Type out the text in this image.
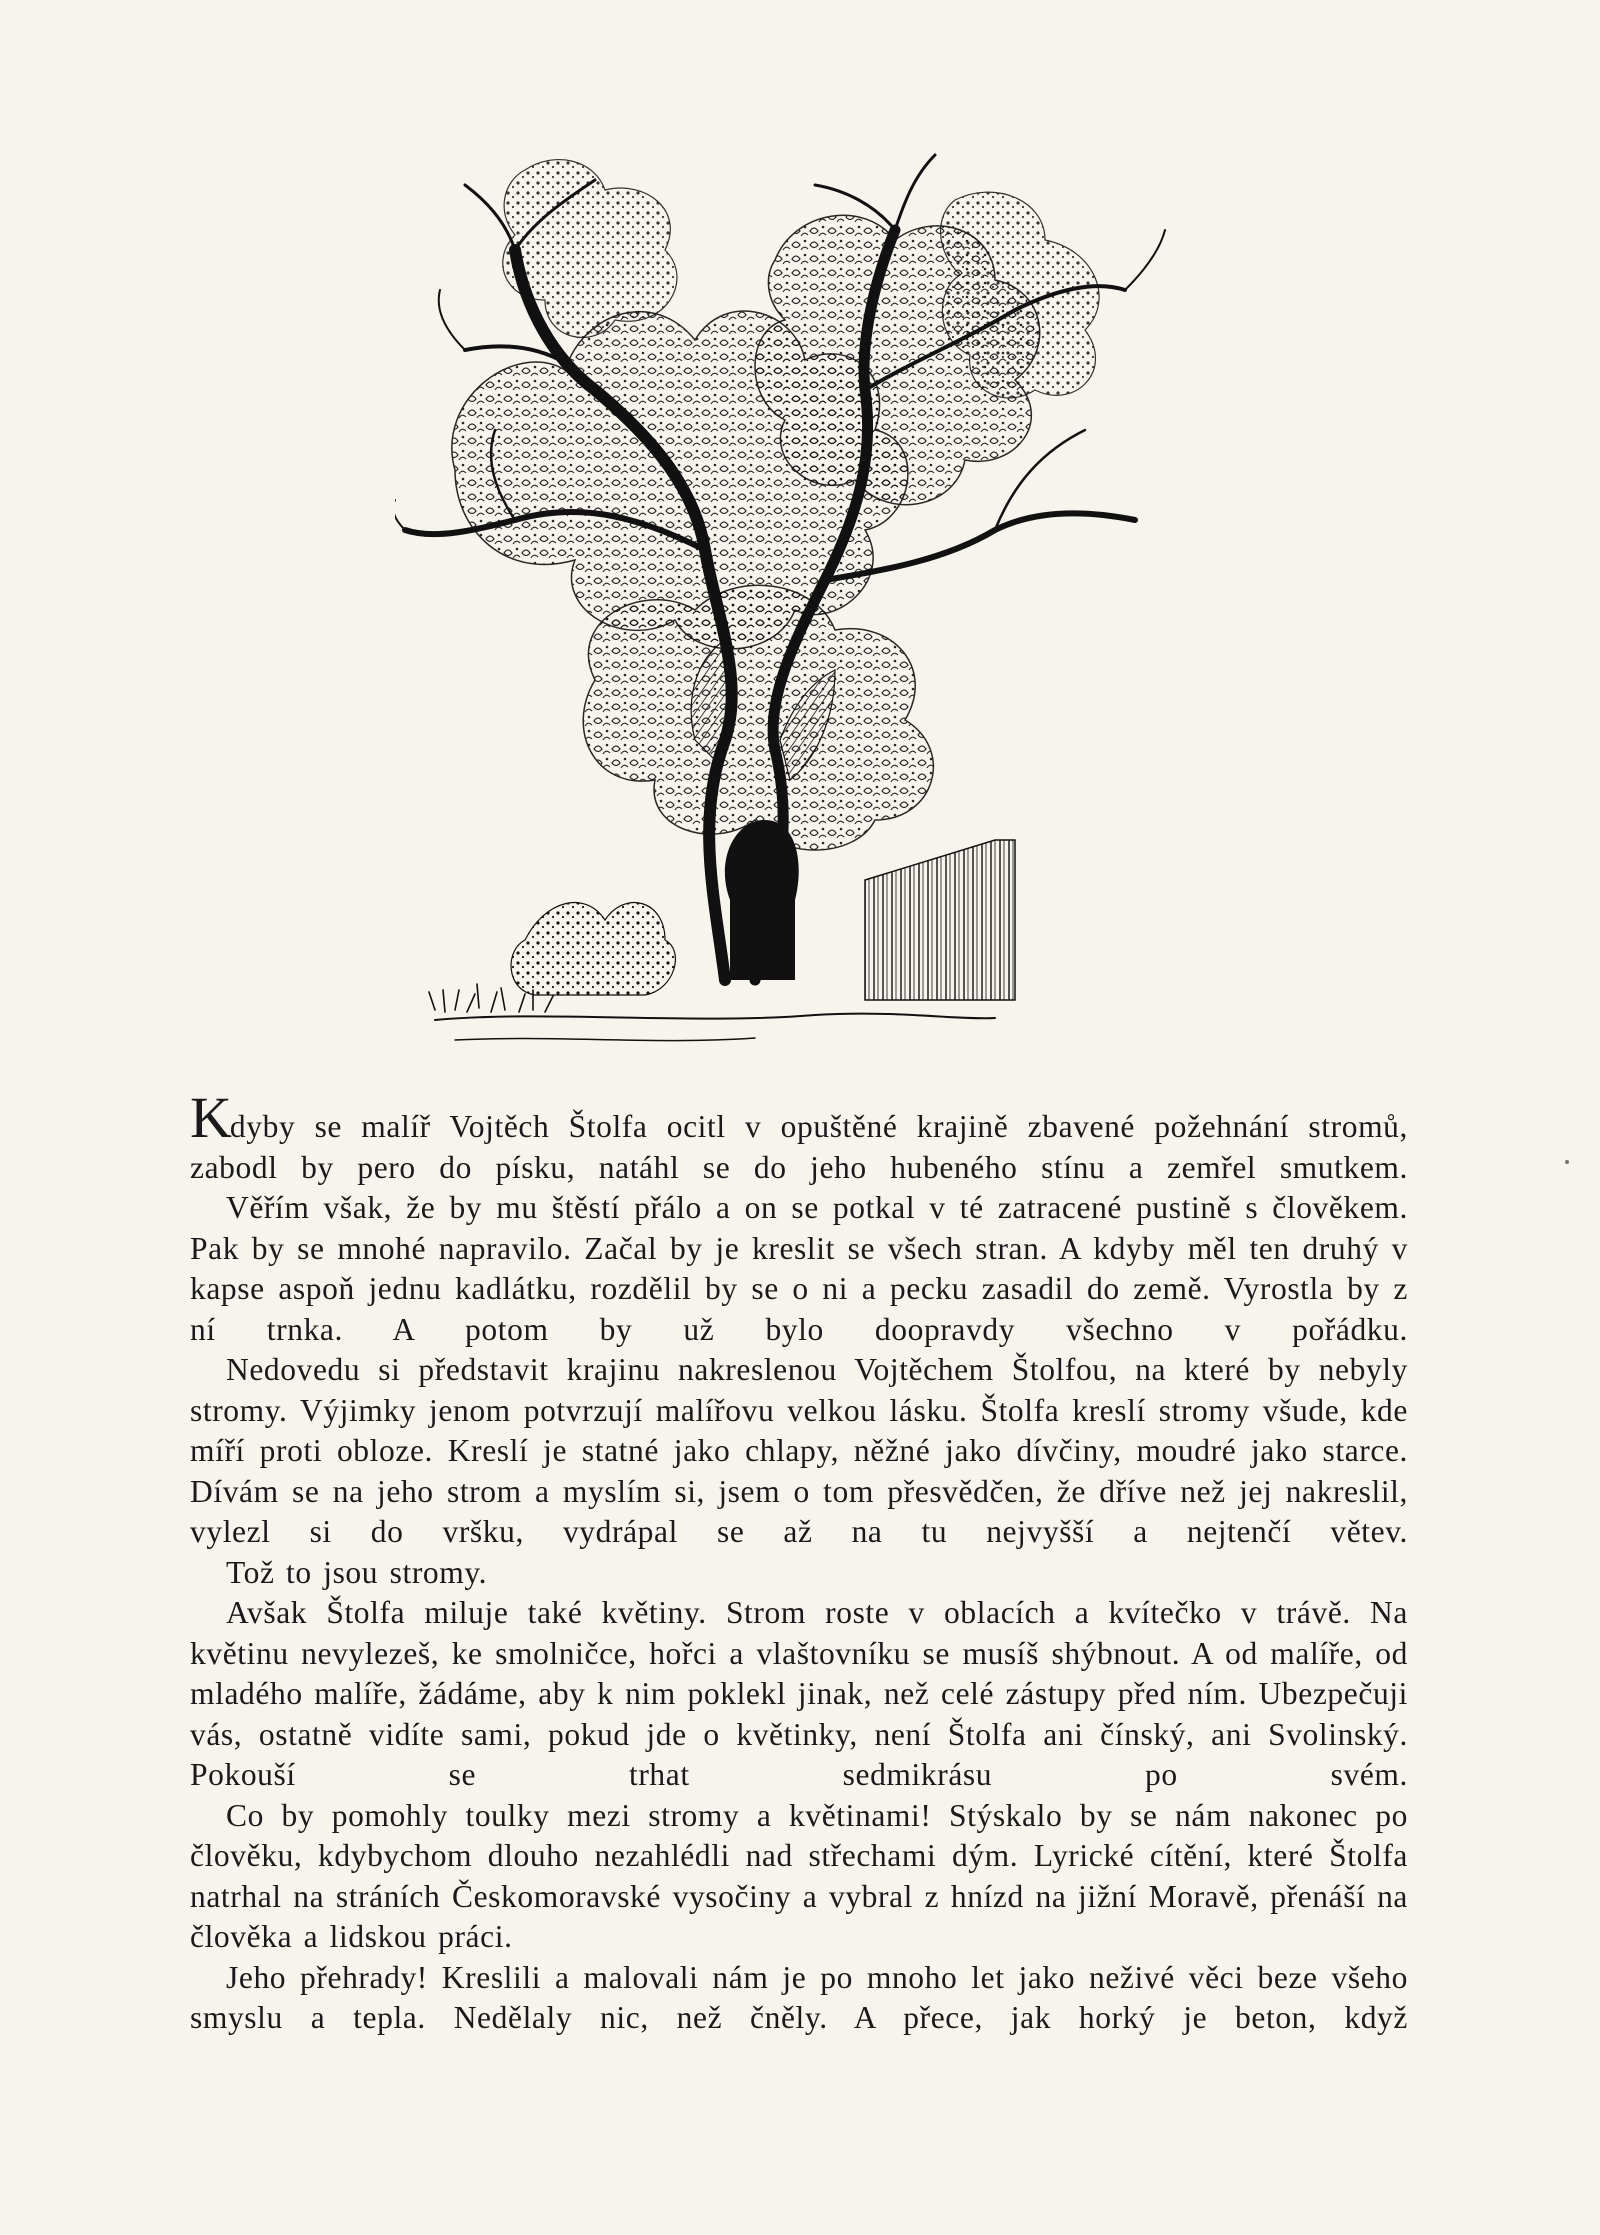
Kdyby se malíř Vojtěch Štolfa ocitl v opuštěné krajině zbavené požehnání stromů, zabodl by pero do písku, natáhl se do jeho hubeného stínu a zemřel smutkem.

Věřím však, že by mu štěstí přálo a on se potkal v té zatracené pustině s člověkem. Pak by se mnohé napravilo. Začal by je kreslit se všech stran. A kdyby měl ten druhý v kapse aspoň jednu kadlátku, rozdělil by se o ni a pecku zasadil do země. Vyrostla by z ní trnka. A potom by už bylo doopravdy všechno v pořádku.

Nedovedu si představit krajinu nakreslenou Vojtěchem Štolfou, na které by nebyly stromy. Výjimky jenom potvrzují malířovu velkou lásku. Štolfa kreslí stromy všude, kde míří proti obloze. Kreslí je statné jako chlapy, něžné jako dívčiny, moudré jako starce. Dívám se na jeho strom a myslím si, jsem o tom přesvědčen, že dříve než jej nakreslil, vylezl si do vršku, vydrápal se až na tu nejvyšší a nejtenčí větev.

Tož to jsou stromy.

Avšak Štolfa miluje také květiny. Strom roste v oblacích a kvítečko v trávě. Na květinu nevylezeš, ke smolničce, hořci a vlaštovníku se musíš shýbnout. A od malíře, od mladého malíře, žádáme, aby k nim poklekl jinak, než celé zástupy před ním. Ubezpečuji vás, ostatně vidíte sami, pokud jde o květinky, není Štolfa ani čínský, ani Svolinský. Pokouší se trhat sedmikrásu po svém.

Co by pomohly toulky mezi stromy a květinami! Stýskalo by se nám nakonec po člověku, kdybychom dlouho nezahlédli nad střechami dým. Lyrické cítění, které Štolfa natrhal na stráních Českomoravské vysočiny a vybral z hnízd na jižní Moravě, přenáší na člověka a lidskou práci.

Jeho přehrady! Kreslili a malovali nám je po mnoho let jako neživé věci beze všeho smyslu a tepla. Nedělaly nic, než čněly. A přece, jak horký je beton, když
